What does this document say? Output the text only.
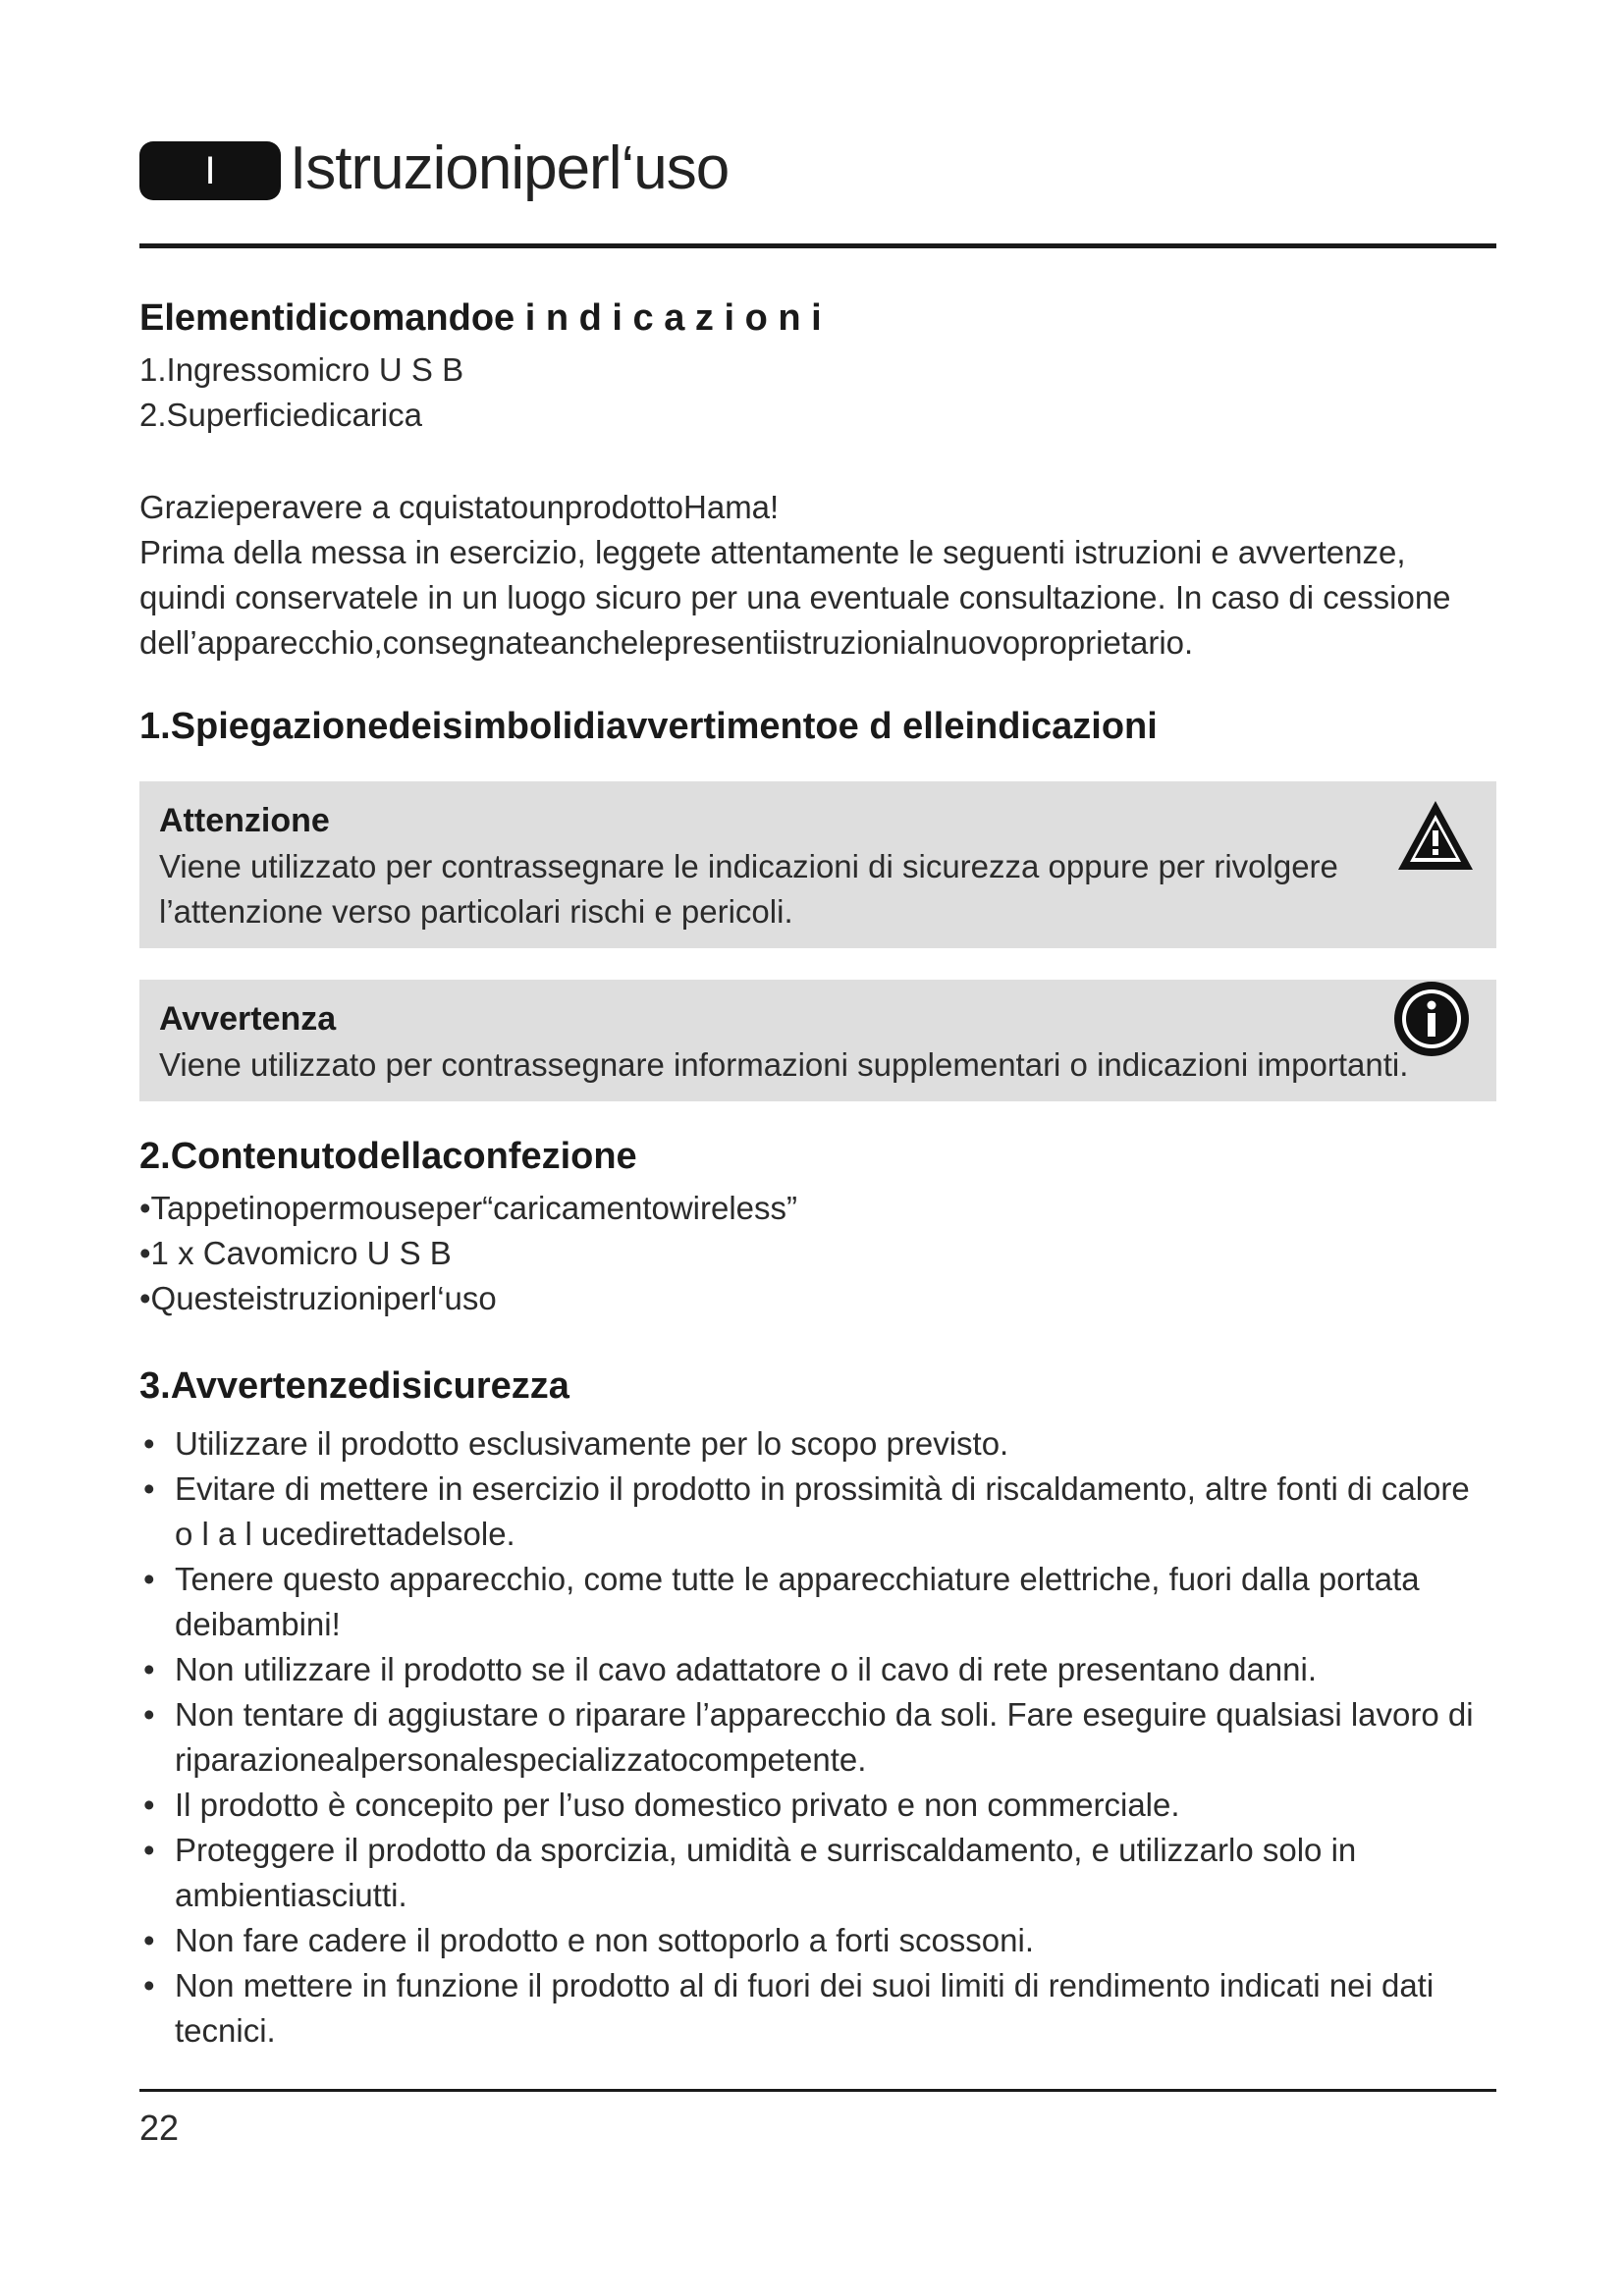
I	Istruzioniperl‘uso
Elementidicomandoe i n d i c a z i o n i

1.Ingressomicro U S B

2.Superficiedicarica

Grazieperavere a cquistatounprodottoHama!

Prima della messa in esercizio, leggete attentamente le seguenti istruzioni e avvertenze,

quindi conservatele in un luogo sicuro per una eventuale consultazione. In caso di cessione

dell’apparecchio,consegnateanchelepresentiistruzionialnuovoproprietario.

1.Spiegazionedeisimbolidiavvertimentoe d elleindicazioni

Attenzione

Viene utilizzato per contrassegnare le indicazioni di sicurezza oppure per rivolgere

l’attenzione verso particolari rischi e pericoli.

Avvertenza

Viene utilizzato per contrassegnare informazioni supplementari o indicazioni importanti.

2.Contenutodellaconfezione

•Tappetinopermouseper“caricamentowireless”

•1 x Cavomicro U S B

•Questeistruzioniperl‘uso

3.Avvertenzedisicurezza
• Utilizzare il prodotto esclusivamente per lo scopo previsto.
• Evitare di mettere in esercizio il prodotto in prossimità di riscaldamento, altre fonti di calore o l a l ucedirettadelsole.
• Tenere questo apparecchio, come tutte le apparecchiature elettriche, fuori dalla portata deibambini!
• Non utilizzare il prodotto se il cavo adattatore o il cavo di rete presentano danni.
• Non tentare di aggiustare o riparare l’apparecchio da soli. Fare eseguire qualsiasi lavoro di riparazionealpersonalespecializzatocompetente.
• Il prodotto è concepito per l’uso domestico privato e non commerciale.
• Proteggere il prodotto da sporcizia, umidità e surriscaldamento, e utilizzarlo solo in ambientiasciutti.
• Non fare cadere il prodotto e non sottoporlo a forti scossoni.
• Non mettere in funzione il prodotto al di fuori dei suoi limiti di rendimento indicati nei dati tecnici.
22
